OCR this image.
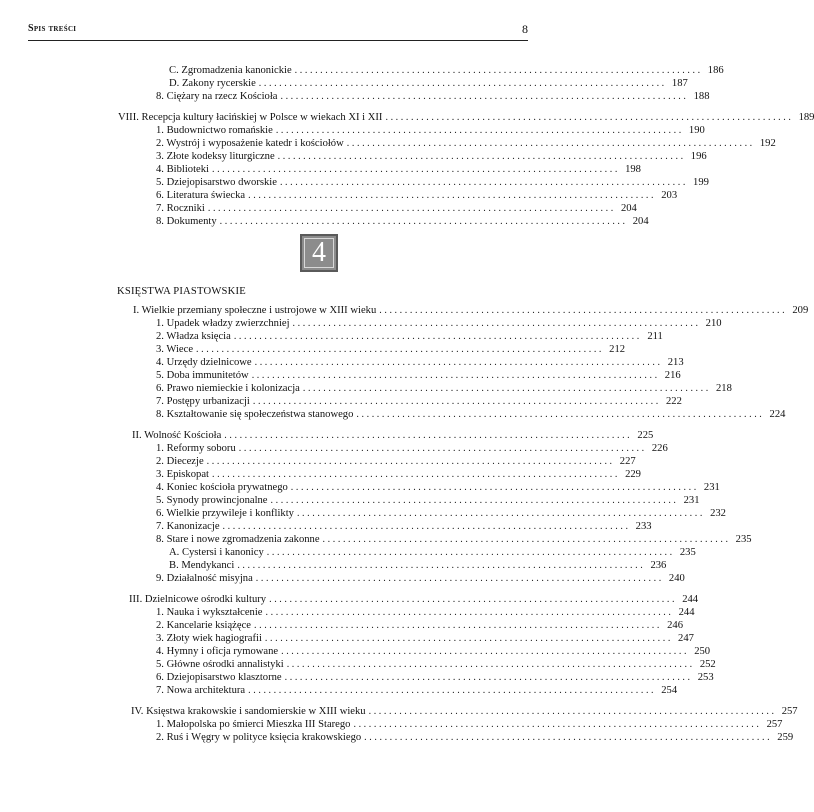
Spis treści	8
C. Zgromadzenia kanonickie ................................................................................ 186
D. Zakony rycerskie ................................................................................ 187
8. Ciężary na rzecz Kościoła ................................................................................ 188
VIII. Recepcja kultury łacińskiej w Polsce w wiekach XI i XII ................................................................................ 189
1. Budownictwo romańskie ................................................................................ 190
2. Wystrój i wyposażenie katedr i kościołów ................................................................................ 192
3. Złote kodeksy liturgiczne ................................................................................ 196
4. Biblioteki ................................................................................ 198
5. Dziejopisarstwo dworskie ................................................................................ 199
6. Literatura świecka ................................................................................ 203
7. Roczniki ................................................................................ 204
8. Dokumenty ................................................................................ 204
I. Wielkie przemiany społeczne i ustrojowe w XIII wieku ................................................................................ 209
1. Upadek władzy zwierzchniej ................................................................................ 210
2. Władza księcia ................................................................................ 211
3. Wiece ................................................................................ 212
4. Urzędy dzielnicowe ................................................................................ 213
5. Doba immunitetów ................................................................................ 216
6. Prawo niemieckie i kolonizacja ................................................................................ 218
7. Postępy urbanizacji ................................................................................ 222
8. Kształtowanie się społeczeństwa stanowego ................................................................................ 224
II. Wolność Kościoła ................................................................................ 225
1. Reformy soboru ................................................................................ 226
2. Diecezje ................................................................................ 227
3. Episkopat ................................................................................ 229
4. Koniec kościoła prywatnego ................................................................................ 231
5. Synody prowincjonalne ................................................................................ 231
6. Wielkie przywileje i konflikty ................................................................................ 232
7. Kanonizacje ................................................................................ 233
8. Stare i nowe zgromadzenia zakonne ................................................................................ 235
A. Cystersi i kanonicy ................................................................................ 235
B. Mendykanci ................................................................................ 236
9. Działalność misyjna ................................................................................ 240
III. Dzielnicowe ośrodki kultury ................................................................................ 244
1. Nauka i wykształcenie ................................................................................ 244
2. Kancelarie książęce ................................................................................ 246
3. Złoty wiek hagiografii ................................................................................ 247
4. Hymny i oficja rymowane ................................................................................ 250
5. Główne ośrodki annalistyki ................................................................................ 252
6. Dziejopisarstwo klasztorne ................................................................................ 253
7. Nowa architektura ................................................................................ 254
IV. Księstwa krakowskie i sandomierskie w XIII wieku ................................................................................ 257
1. Małopolska po śmierci Mieszka III Starego ................................................................................ 257
2. Ruś i Węgry w polityce księcia krakowskiego ................................................................................ 259
4
KSIĘSTWA PIASTOWSKIE
